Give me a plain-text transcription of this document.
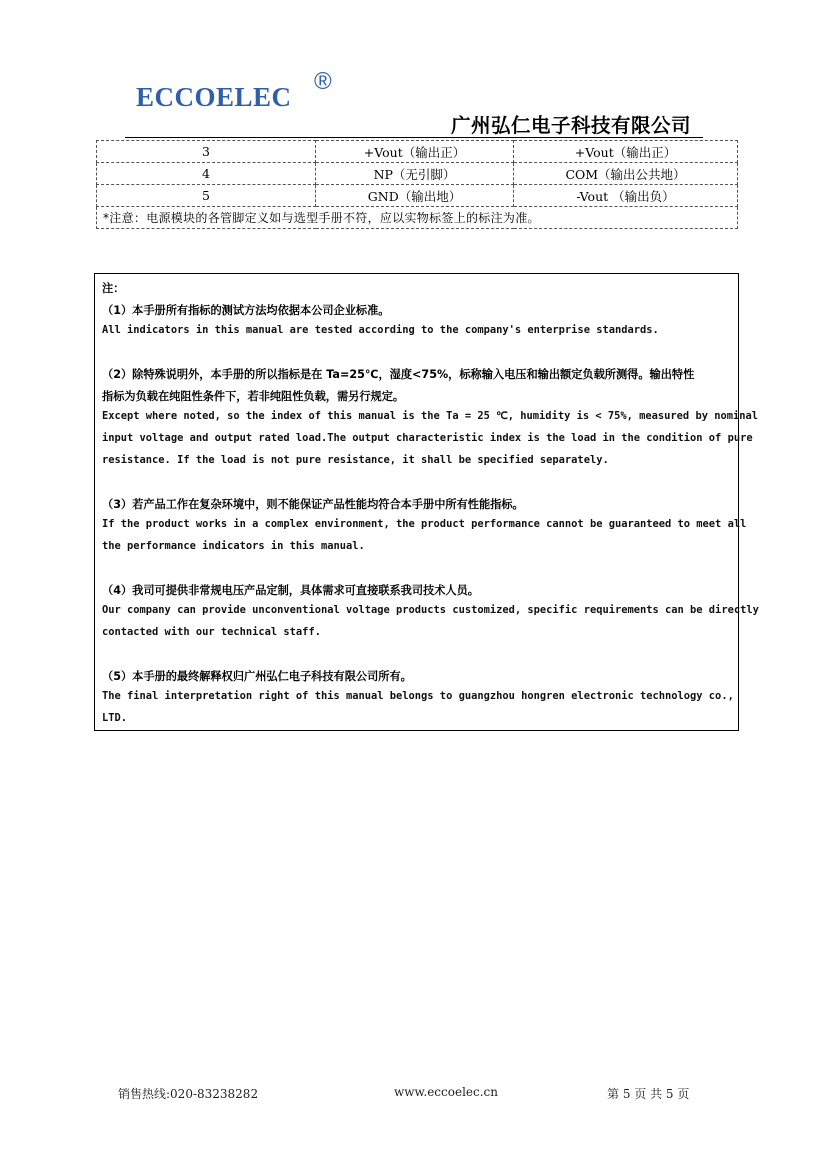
ECCOELEC
®
广州弘仁电子科技有限公司
3	+Vout（输出正）	+Vout（输出正）
4	NP（无引脚）	COM（输出公共地）
5	GND（输出地）	-Vout （输出负）
*注意：电源模块的各管脚定义如与选型手册不符，应以实物标签上的标注为准。		

注：

（1）本手册所有指标的测试方法均依据本公司企业标准。

All indicators in this manual are tested according to the company's enterprise standards.

（2）除特殊说明外，本手册的所以指标是在 Ta=25℃，湿度<75%，标称输入电压和输出额定负载所测得。输出特性

指标为负载在纯阻性条件下，若非纯阻性负载，需另行规定。

Except where noted, so the index of this manual is the Ta = 25 ℃, humidity is < 75%, measured by nominal

input voltage and output rated load.The output characteristic index is the load in the condition of pure

resistance. If the load is not pure resistance, it shall be specified separately.

（3）若产品工作在复杂环境中，则不能保证产品性能均符合本手册中所有性能指标。

If the product works in a complex environment, the product performance cannot be guaranteed to meet all

the performance indicators in this manual.

（4）我司可提供非常规电压产品定制，具体需求可直接联系我司技术人员。

Our company can provide unconventional voltage products customized, specific requirements can be directly

contacted with our technical staff.

（5）本手册的最终解释权归广州弘仁电子科技有限公司所有。

The final interpretation right of this manual belongs to guangzhou hongren electronic technology co.,

LTD.

销售热线:020-83238282	www.eccoelec.cn	第 5 页 共 5 页
